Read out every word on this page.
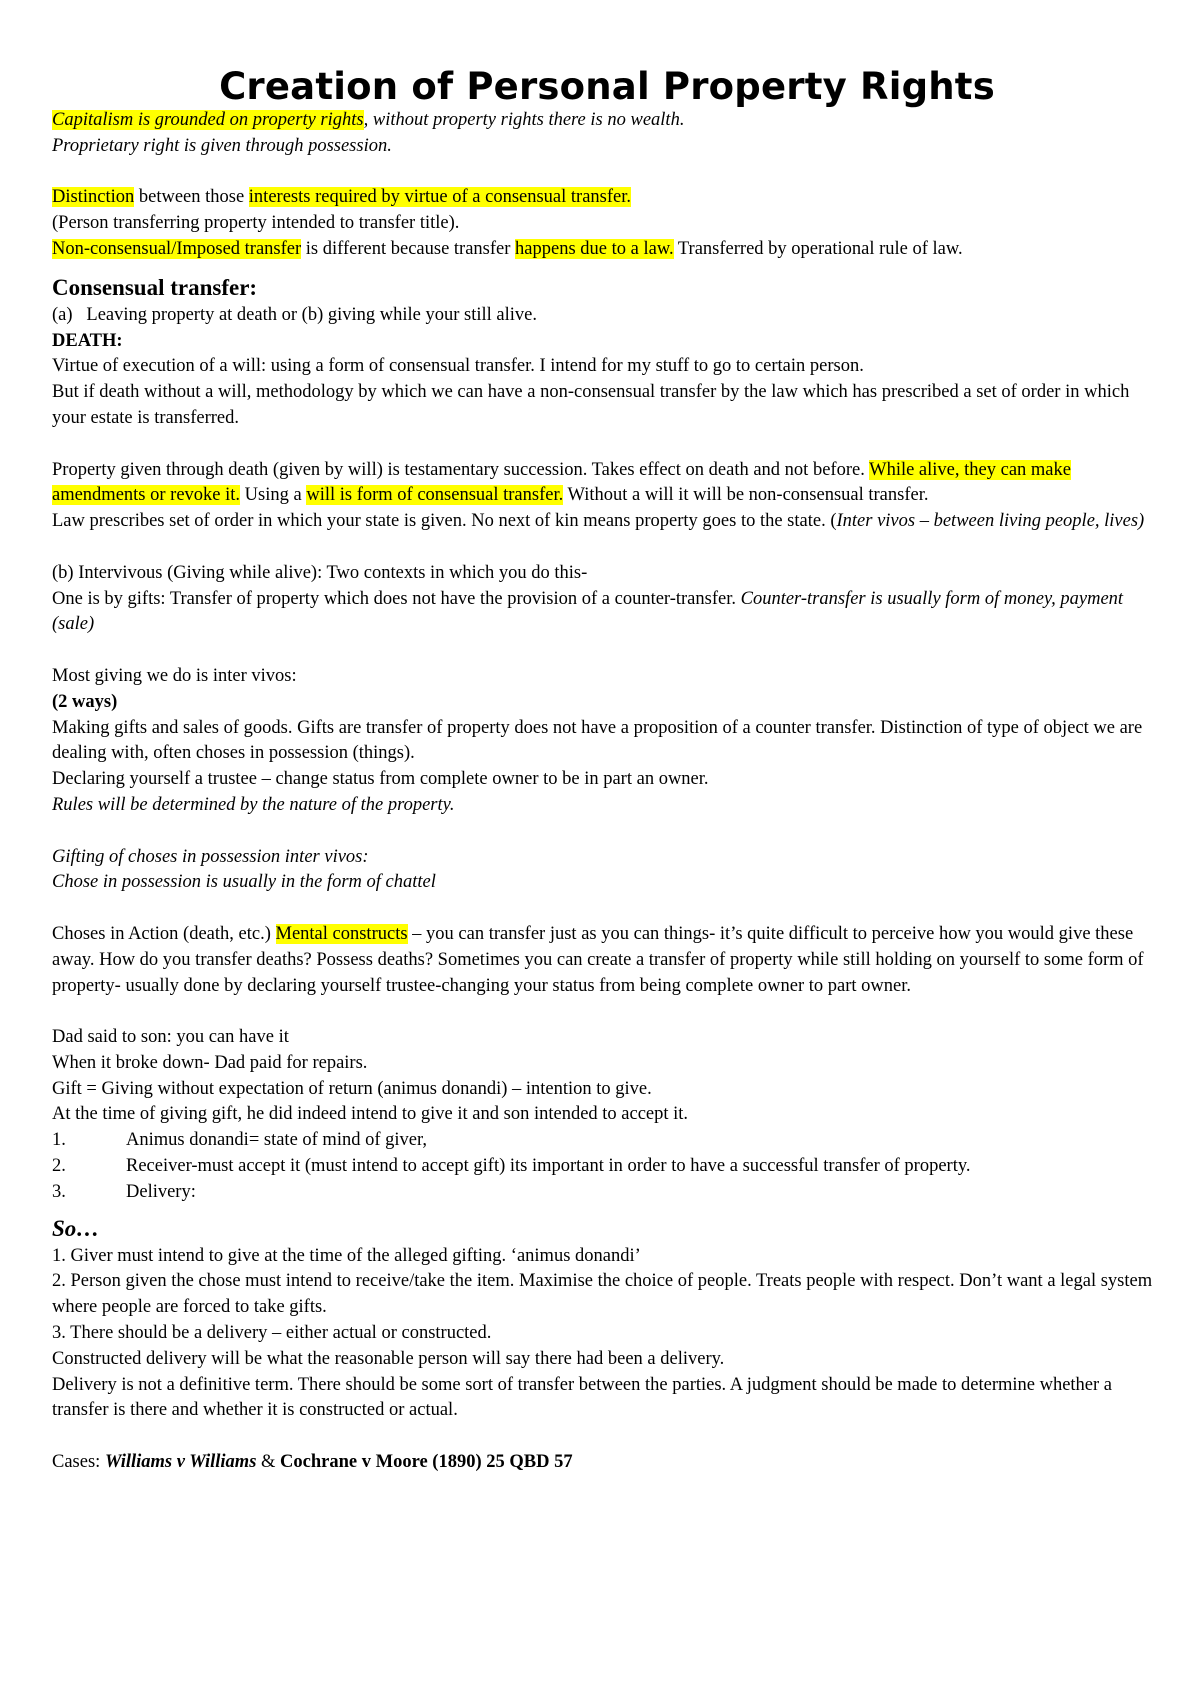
Creation of Personal Property Rights

Capitalism is grounded on property rights, without property rights there is no wealth.

Proprietary right is given through possession.

Distinction between those interests required by virtue of a consensual transfer.

(Person transferring property intended to transfer title).

Non-consensual/Imposed transfer is different because transfer happens due to a law. Transferred by operational rule of law.

Consensual transfer:

(a) Leaving property at death or (b) giving while your still alive.

DEATH:

Virtue of execution of a will: using a form of consensual transfer. I intend for my stuff to go to certain person.

But if death without a will, methodology by which we can have a non-consensual transfer by the law which has prescribed a set of order in which your estate is transferred.

Property given through death (given by will) is testamentary succession. Takes effect on death and not before. While alive, they can make amendments or revoke it. Using a will is form of consensual transfer. Without a will it will be non-consensual transfer.

Law prescribes set of order in which your state is given. No next of kin means property goes to the state. (Inter vivos – between living people, lives)

(b) Intervivous (Giving while alive): Two contexts in which you do this-

One is by gifts: Transfer of property which does not have the provision of a counter-transfer. Counter-transfer is usually form of money, payment (sale)

Most giving we do is inter vivos:

(2 ways)

Making gifts and sales of goods. Gifts are transfer of property does not have a proposition of a counter transfer. Distinction of type of object we are dealing with, often choses in possession (things).

Declaring yourself a trustee – change status from complete owner to be in part an owner.

Rules will be determined by the nature of the property.

Gifting of choses in possession inter vivos:

Chose in possession is usually in the form of chattel

Choses in Action (death, etc.) Mental constructs – you can transfer just as you can things- it’s quite difficult to perceive how you would give these away. How do you transfer deaths? Possess deaths? Sometimes you can create a transfer of property while still holding on yourself to some form of property- usually done by declaring yourself trustee-changing your status from being complete owner to part owner.

Dad said to son: you can have it

When it broke down- Dad paid for repairs.

Gift = Giving without expectation of return (animus donandi) – intention to give.

At the time of giving gift, he did indeed intend to give it and son intended to accept it.

1.	Animus donandi= state of mind of giver,
2.	Receiver-must accept it (must intend to accept gift) its important in order to have a successful transfer of property.
3.	Delivery:
So…

1. Giver must intend to give at the time of the alleged gifting. ‘animus donandi’

2. Person given the chose must intend to receive/take the item. Maximise the choice of people. Treats people with respect. Don’t want a legal system where people are forced to take gifts.

3. There should be a delivery – either actual or constructed.

Constructed delivery will be what the reasonable person will say there had been a delivery.

Delivery is not a definitive term. There should be some sort of transfer between the parties. A judgment should be made to determine whether a transfer is there and whether it is constructed or actual.

Cases: Williams v Williams & Cochrane v Moore (1890) 25 QBD 57
